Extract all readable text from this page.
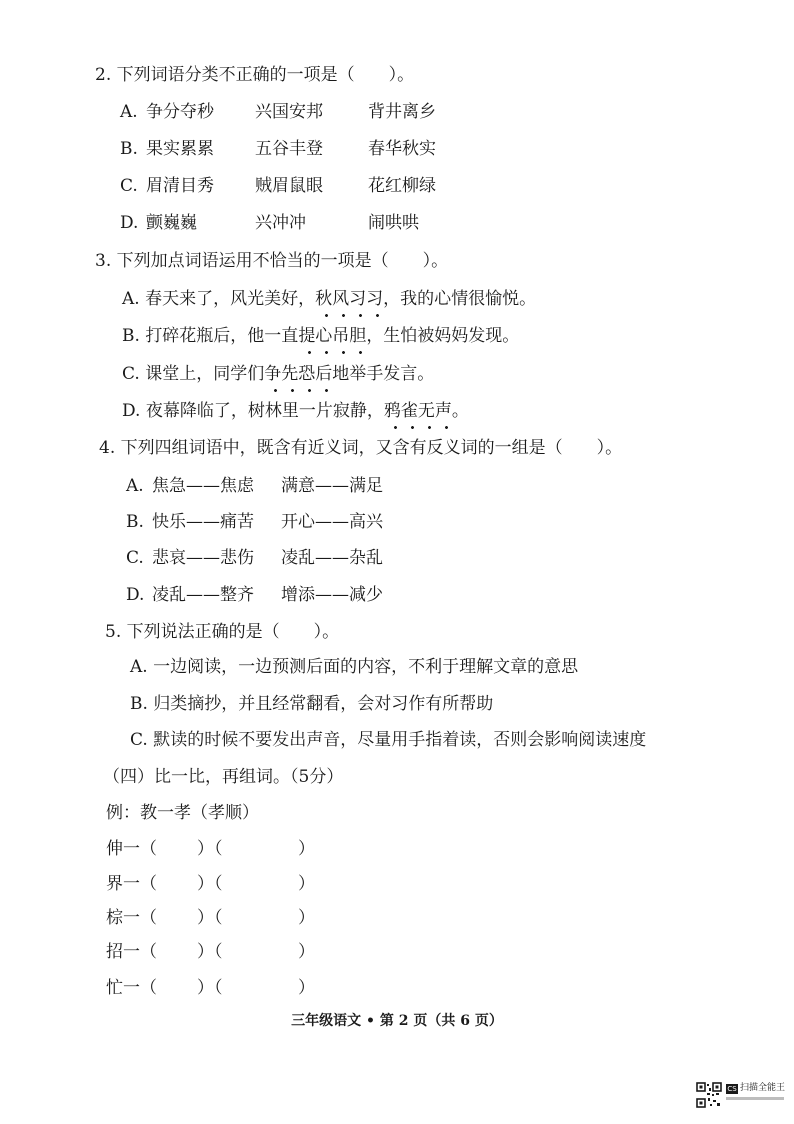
2. 下列词语分类不正确的一项是（　　）。
A. 争分夺秒 兴国安邦	背井离乡
B. 果实累累 五谷丰登	春华秋实
C. 眉清目秀 贼眉鼠眼	花红柳绿
D. 颤巍巍	兴冲冲	闹哄哄
3. 下列加点词语运用不恰当的一项是（　　）。
A. 春天来了，风光美好，秋风习习，我的心情很愉悦。
B. 打碎花瓶后，他一直提心吊胆，生怕被妈妈发现。
C. 课堂上，同学们争先恐后地举手发言。
D. 夜幕降临了，树林里一片寂静，鸦雀无声。
4. 下列四组词语中，既含有近义词，又含有反义词的一组是（　　）。
A. 焦急——焦虑 满意——满足
B. 快乐——痛苦 开心——高兴
C. 悲哀——悲伤 凌乱——杂乱
D. 凌乱——整齐 增添——减少
5. 下列说法正确的是（　　）。
A. 一边阅读，一边预测后面的内容，不利于理解文章的意思
B. 归类摘抄，并且经常翻看，会对习作有所帮助
C. 默读的时候不要发出声音，尽量用手指着读，否则会影响阅读速度
（四）比一比，再组词。（5分）
例：教一孝（孝顺）
伸一（ ）（	）
界一（ ）（	）
棕一（ ）（	）
招一（ ）（	）
忙一（ ）（	）
三年级语文 • 第 2 页（共 6 页）
CS 扫描全能王
